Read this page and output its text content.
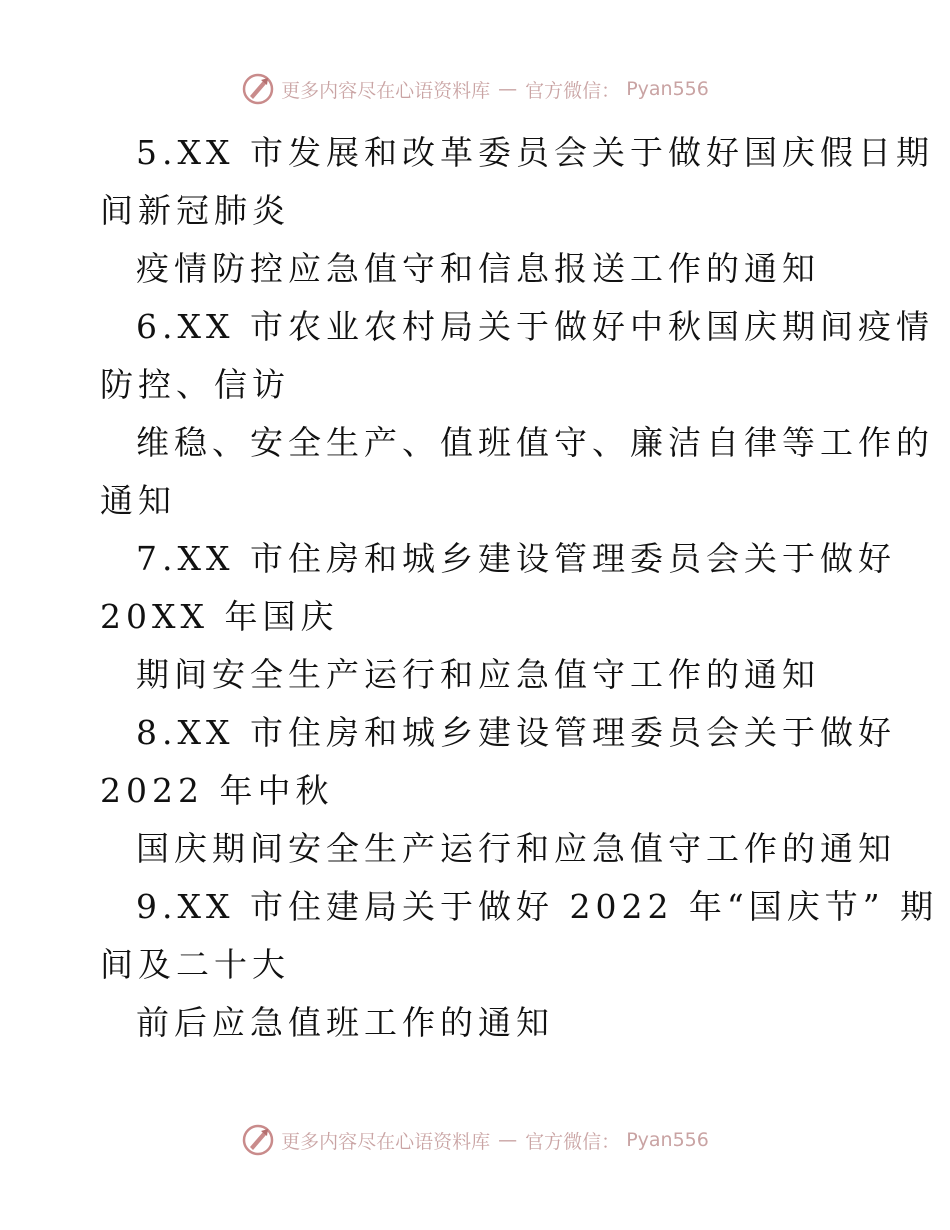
更多内容尽在心语资料库 — 官方微信： Pyan556
5.XX 市发展和改革委员会关于做好国庆假日期
间新冠肺炎
疫情防控应急值守和信息报送工作的通知
6.XX 市农业农村局关于做好中秋国庆期间疫情
防控、信访
维稳、安全生产、值班值守、廉洁自律等工作的
通知
7.XX 市住房和城乡建设管理委员会关于做好
20XX 年国庆
期间安全生产运行和应急值守工作的通知
8.XX 市住房和城乡建设管理委员会关于做好
2022 年中秋
国庆期间安全生产运行和应急值守工作的通知
9.XX 市住建局关于做好 2022 年“国庆节” 期
间及二十大
前后应急值班工作的通知
更多内容尽在心语资料库 — 官方微信： Pyan556
